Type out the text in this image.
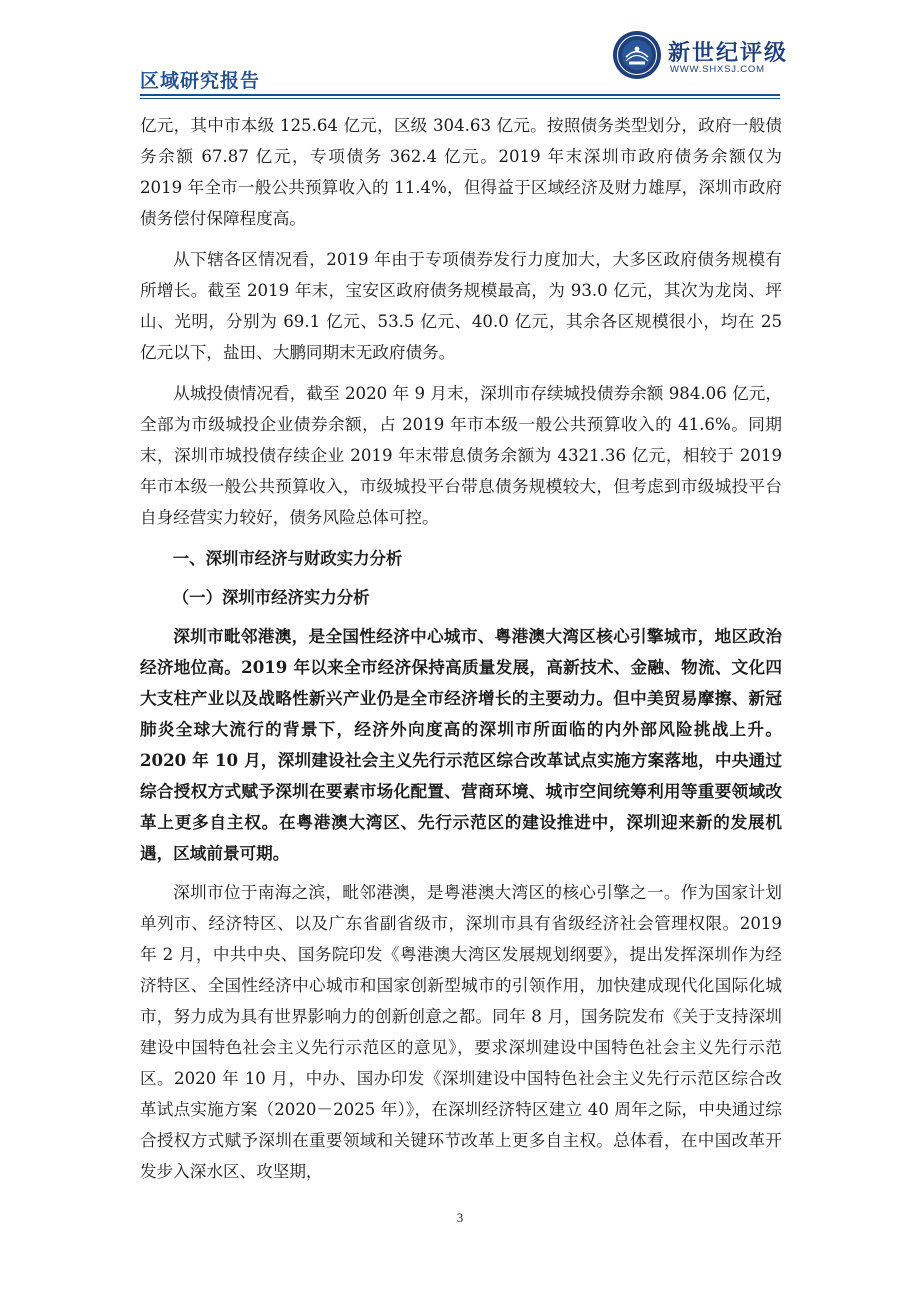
区域研究报告
新世纪评级
WWW.SHXSJ.COM

亿元，其中市本级 125.64 亿元，区级 304.63 亿元。按照债务类型划分，政府一般债务余额 67.87 亿元，专项债务 362.4 亿元。2019 年末深圳市政府债务余额仅为 2019 年全市一般公共预算收入的 11.4%，但得益于区域经济及财力雄厚，深圳市政府债务偿付保障程度高。

从下辖各区情况看，2019 年由于专项债券发行力度加大，大多区政府债务规模有所增长。截至 2019 年末，宝安区政府债务规模最高，为 93.0 亿元，其次为龙岗、坪山、光明，分别为 69.1 亿元、53.5 亿元、40.0 亿元，其余各区规模很小，均在 25 亿元以下，盐田、大鹏同期末无政府债务。

从城投债情况看，截至 2020 年 9 月末，深圳市存续城投债券余额 984.06 亿元，全部为市级城投企业债券余额，占 2019 年市本级一般公共预算收入的 41.6%。同期末，深圳市城投债存续企业 2019 年末带息债务余额为 4321.36 亿元，相较于 2019 年市本级一般公共预算收入，市级城投平台带息债务规模较大，但考虑到市级城投平台自身经营实力较好，债务风险总体可控。

一、深圳市经济与财政实力分析

（一）深圳市经济实力分析

深圳市毗邻港澳，是全国性经济中心城市、粤港澳大湾区核心引擎城市，地区政治经济地位高。2019 年以来全市经济保持高质量发展，高新技术、金融、物流、文化四大支柱产业以及战略性新兴产业仍是全市经济增长的主要动力。但中美贸易摩擦、新冠肺炎全球大流行的背景下，经济外向度高的深圳市所面临的内外部风险挑战上升。2020 年 10 月，深圳建设社会主义先行示范区综合改革试点实施方案落地，中央通过综合授权方式赋予深圳在要素市场化配置、营商环境、城市空间统筹利用等重要领域改革上更多自主权。在粤港澳大湾区、先行示范区的建设推进中，深圳迎来新的发展机遇，区域前景可期。

深圳市位于南海之滨，毗邻港澳，是粤港澳大湾区的核心引擎之一。作为国家计划单列市、经济特区、以及广东省副省级市，深圳市具有省级经济社会管理权限。2019 年 2 月，中共中央、国务院印发《粤港澳大湾区发展规划纲要》，提出发挥深圳作为经济特区、全国性经济中心城市和国家创新型城市的引领作用，加快建成现代化国际化城市，努力成为具有世界影响力的创新创意之都。同年 8 月，国务院发布《关于支持深圳建设中国特色社会主义先行示范区的意见》，要求深圳建设中国特色社会主义先行示范区。2020 年 10 月，中办、国办印发《深圳建设中国特色社会主义先行示范区综合改革试点实施方案（2020－2025 年）》，在深圳经济特区建立 40 周年之际，中央通过综合授权方式赋予深圳在重要领域和关键环节改革上更多自主权。总体看，在中国改革开发步入深水区、攻坚期，

3
